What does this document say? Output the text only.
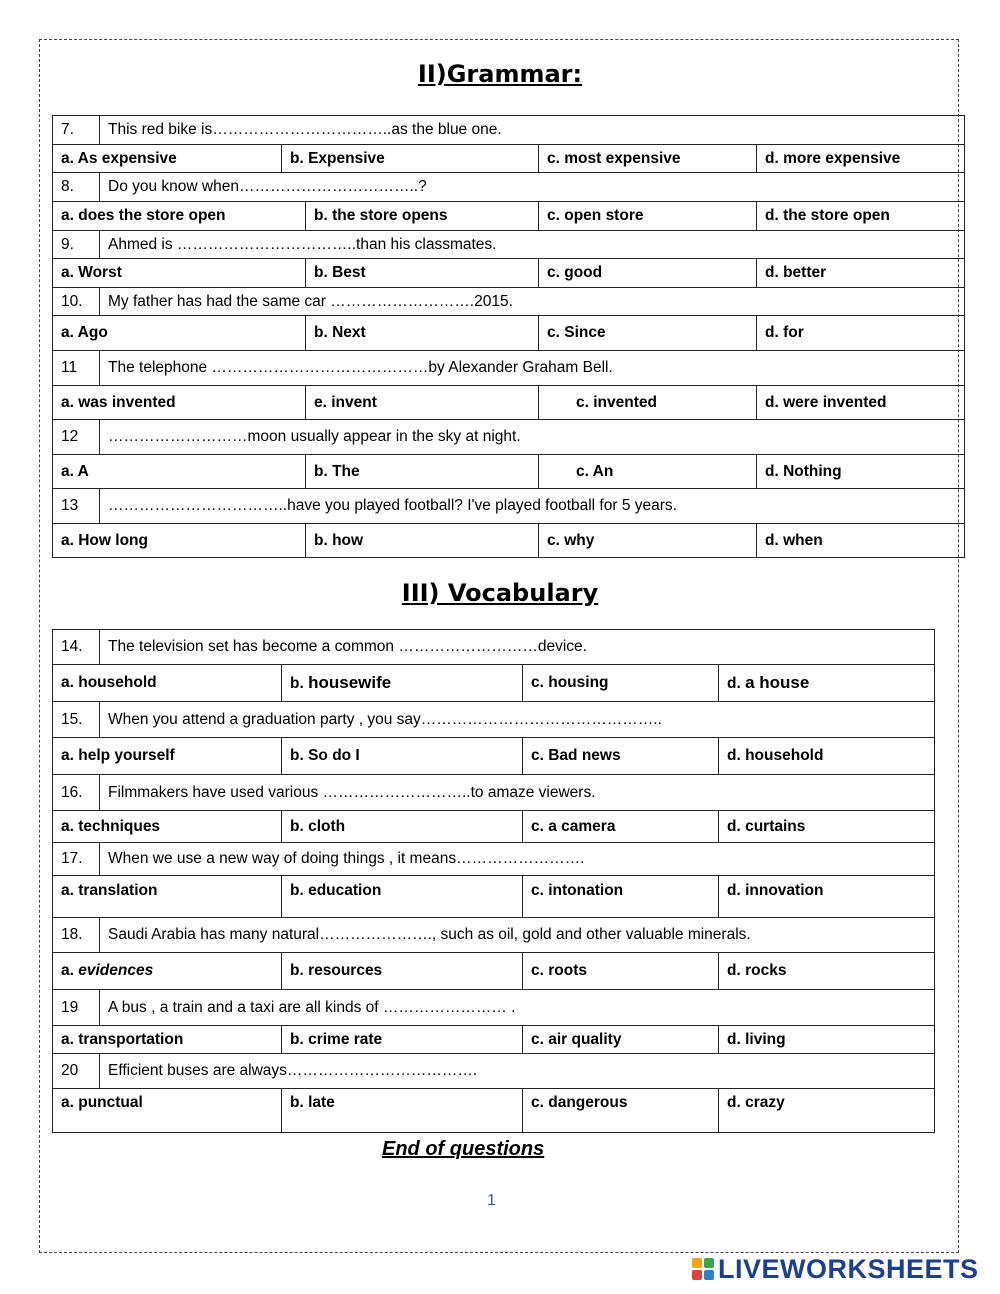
II)Grammar:
7.	This red bike is……………………………..as the blue one.				
a. As expensive		b. Expensive		c. most expensive	d. more expensive
8.	Do you know when……………………………..?				
a. does the store open			b. the store opens	c. open store	d. the store open
9.	Ahmed is ……………………………..than his classmates.				
a. Worst			b. Best	c. good	d. better
10.	My father has had the same car ……………………….2015.				
a. Ago			b. Next	c. Since	d. for
11	The telephone ……………………………………by Alexander Graham Bell.				
a. was invented			e. invent	c. invented	d. were invented
12	………………………moon usually appear in the sky at night.				
a. A			b. The	c. An	d. Nothing
13	……………………………..have you played football? I've played football for 5 years.				
a. How long			b. how	c. why	d. when
III) Vocabulary
14.	The television set has become a common ………………………device.			
a. household		b. housewife	c. housing	d. a house
15.	When you attend a graduation party , you say………………………………………..			
a. help yourself		b. So do I	c. Bad news	d. household
16.	Filmmakers have used various ………………………..to amaze viewers.			
a. techniques		b. cloth	c. a camera	d. curtains
17.	When we use a new way of doing things , it means…………………….			
a. translation		b. education	c. intonation	d. innovation
18.	Saudi Arabia has many natural…………………., such as oil, gold and other valuable minerals.			
a. evidences		b. resources	c. roots	d. rocks
19	A bus , a train and a taxi are all kinds of …………………… .			
a. transportation		b. crime rate	c. air quality	d. living
20	Efficient buses are always……………………………….			
a. punctual		b. late	c. dangerous	d. crazy
End of questions
1
LIVEWORKSHEETS
